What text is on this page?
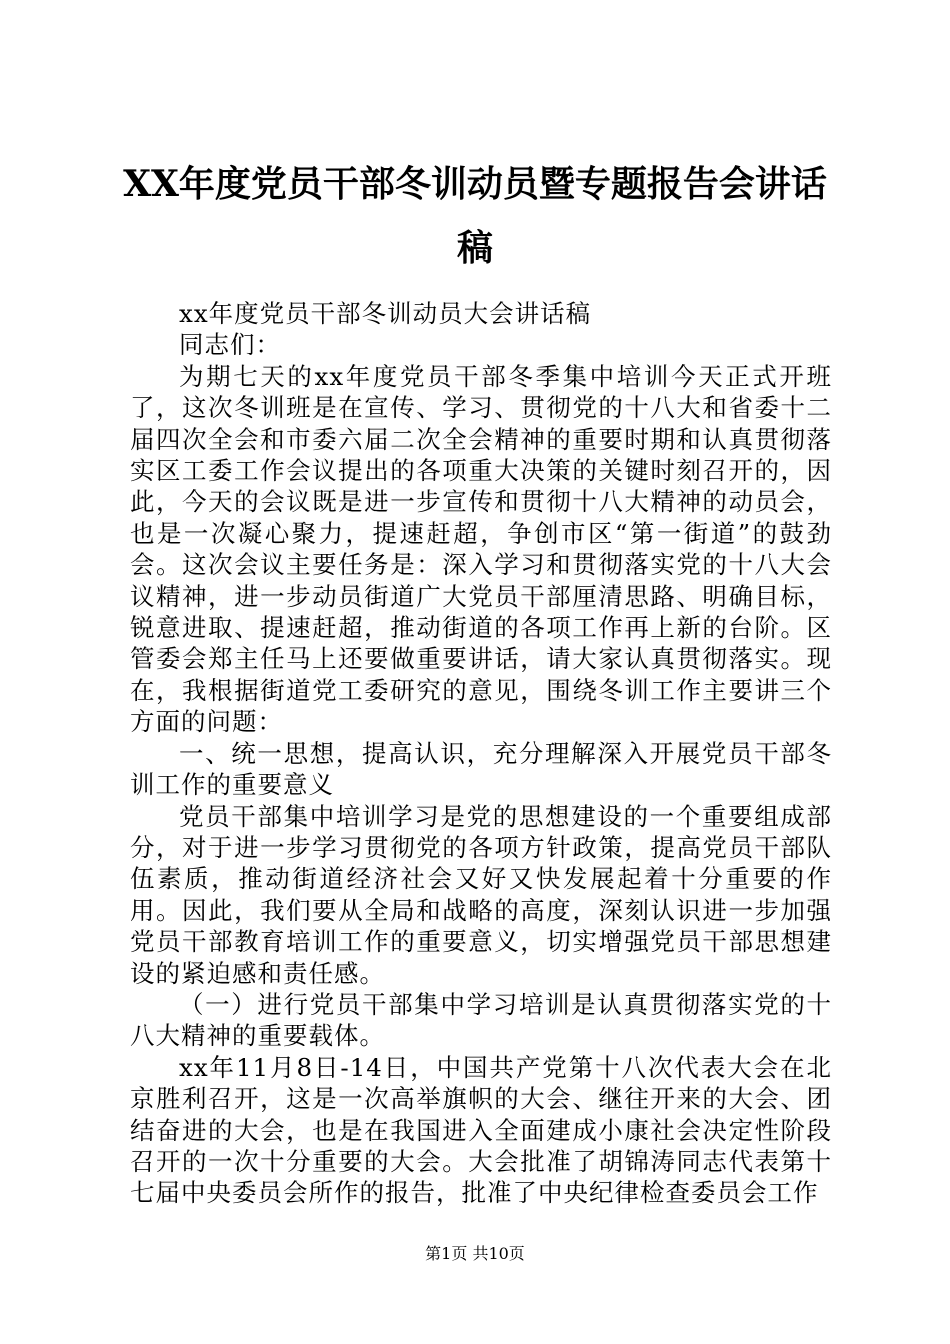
XX年度党员干部冬训动员暨专题报告会讲话稿

xx年度党员干部冬训动员大会讲话稿

同志们：

为期七天的xx年度党员干部冬季集中培训今天正式开班了，这次冬训班是在宣传、学习、贯彻党的十八大和省委十二届四次全会和市委六届二次全会精神的重要时期和认真贯彻落实区工委工作会议提出的各项重大决策的关键时刻召开的，因此，今天的会议既是进一步宣传和贯彻十八大精神的动员会，也是一次凝心聚力，提速赶超，争创市区“第一街道”的鼓劲会。这次会议主要任务是：深入学习和贯彻落实党的十八大会议精神，进一步动员街道广大党员干部厘清思路、明确目标，锐意进取、提速赶超，推动街道的各项工作再上新的台阶。区管委会郑主任马上还要做重要讲话，请大家认真贯彻落实。现在，我根据街道党工委研究的意见，围绕冬训工作主要讲三个方面的问题：

一、统一思想，提高认识，充分理解深入开展党员干部冬训工作的重要意义

党员干部集中培训学习是党的思想建设的一个重要组成部分，对于进一步学习贯彻党的各项方针政策，提高党员干部队伍素质，推动街道经济社会又好又快发展起着十分重要的作用。因此，我们要从全局和战略的高度，深刻认识进一步加强党员干部教育培训工作的重要意义，切实增强党员干部思想建设的紧迫感和责任感。

（一）进行党员干部集中学习培训是认真贯彻落实党的十八大精神的重要载体。

xx年11月8日-14日，中国共产党第十八次代表大会在北京胜利召开，这是一次高举旗帜的大会、继往开来的大会、团结奋进的大会，也是在我国进入全面建成小康社会决定性阶段召开的一次十分重要的大会。大会批准了胡锦涛同志代表第十七届中央委员会所作的报告，批准了中央纪律检查委员会工作

第1页 共10页
